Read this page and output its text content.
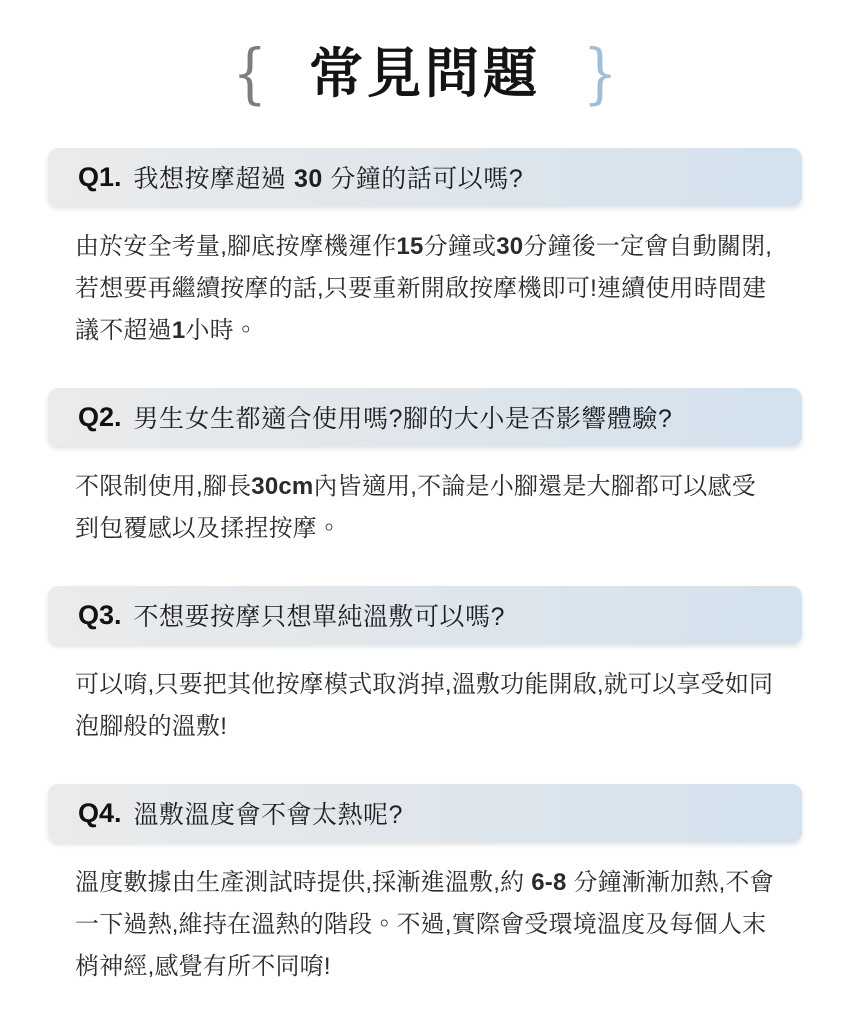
{ 常見問題 }
Q1. 我想按摩超過 30 分鐘的話可以嗎?

由於安全考量,腳底按摩機運作15分鐘或30分鐘後一定會自動關閉,若想要再繼續按摩的話,只要重新開啟按摩機即可!連續使用時間建議不超過1小時。

Q2. 男生女生都適合使用嗎?腳的大小是否影響體驗?

不限制使用,腳長30cm內皆適用,不論是小腳還是大腳都可以感受到包覆感以及揉捏按摩。

Q3. 不想要按摩只想單純溫敷可以嗎?

可以唷,只要把其他按摩模式取消掉,溫敷功能開啟,就可以享受如同泡腳般的溫敷!

Q4. 溫敷溫度會不會太熱呢?

溫度數據由生產測試時提供,採漸進溫敷,約 6-8 分鐘漸漸加熱,不會一下過熱,維持在溫熱的階段。不過,實際會受環境溫度及每個人末梢神經,感覺有所不同唷!
